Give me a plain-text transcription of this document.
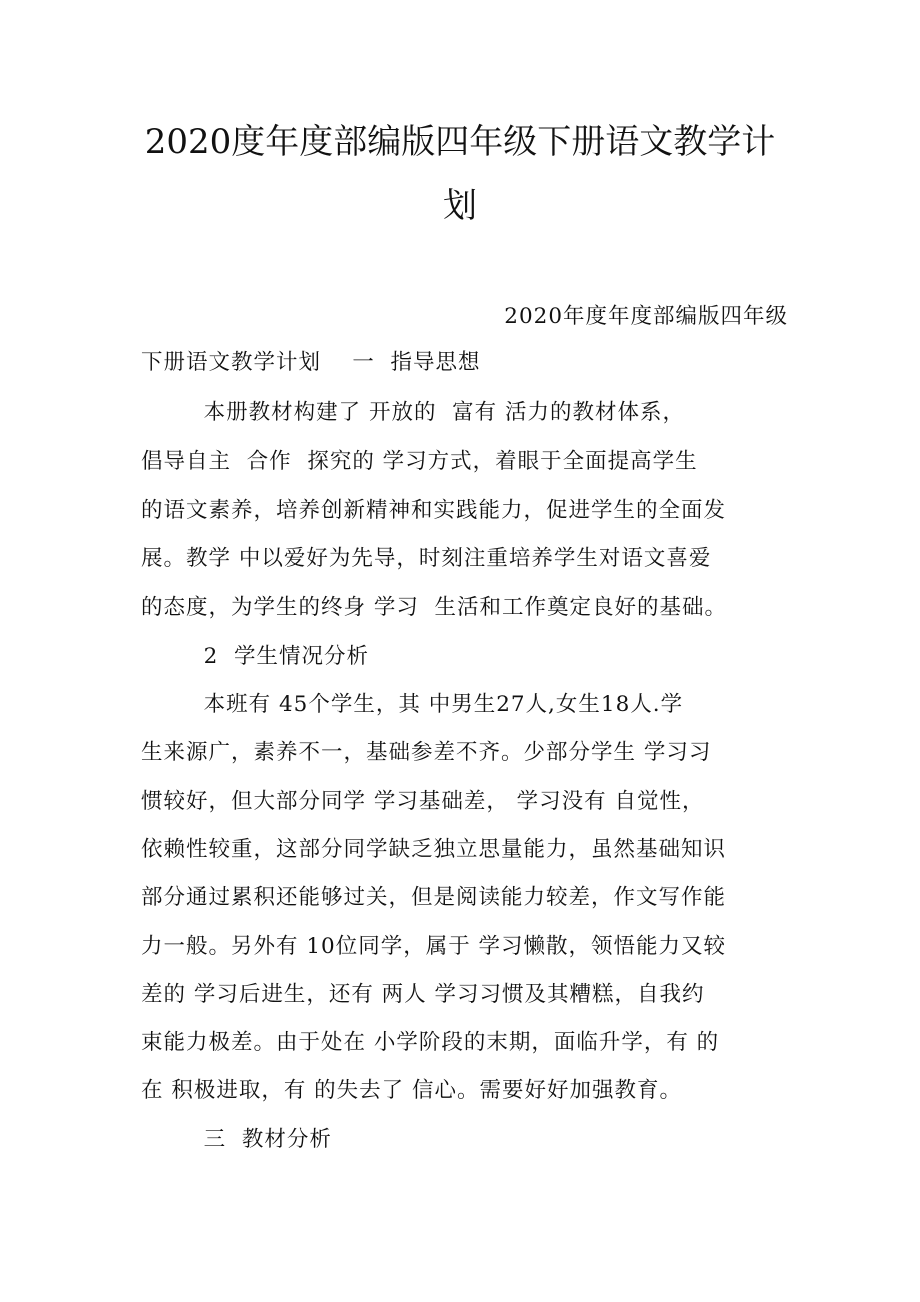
2020度年度部编版四年级下册语文教学计
划
2020年度年度部编版四年级
下册语文教学计划    一  指导思想
本册教材构建了 开放的  富有 活力的教材体系，
倡导自主  合作  探究的 学习方式，着眼于全面提高学生
的语文素养，培养创新精神和实践能力，促进学生的全面发
展。教学 中以爱好为先导，时刻注重培养学生对语文喜爱
的态度，为学生的终身 学习  生活和工作奠定良好的基础。
2  学生情况分析
本班有 45个学生，其 中男生27人,女生18人.学
生来源广，素养不一，基础参差不齐。少部分学生 学习习
惯较好，但大部分同学 学习基础差， 学习没有 自觉性，
依赖性较重，这部分同学缺乏独立思量能力，虽然基础知识
部分通过累积还能够过关，但是阅读能力较差，作文写作能
力一般。另外有 10位同学，属于 学习懒散，领悟能力又较
差的 学习后进生，还有 两人 学习习惯及其糟糕，自我约
束能力极差。由于处在 小学阶段的末期，面临升学，有 的
在 积极进取，有 的失去了 信心。需要好好加强教育。
三  教材分析
